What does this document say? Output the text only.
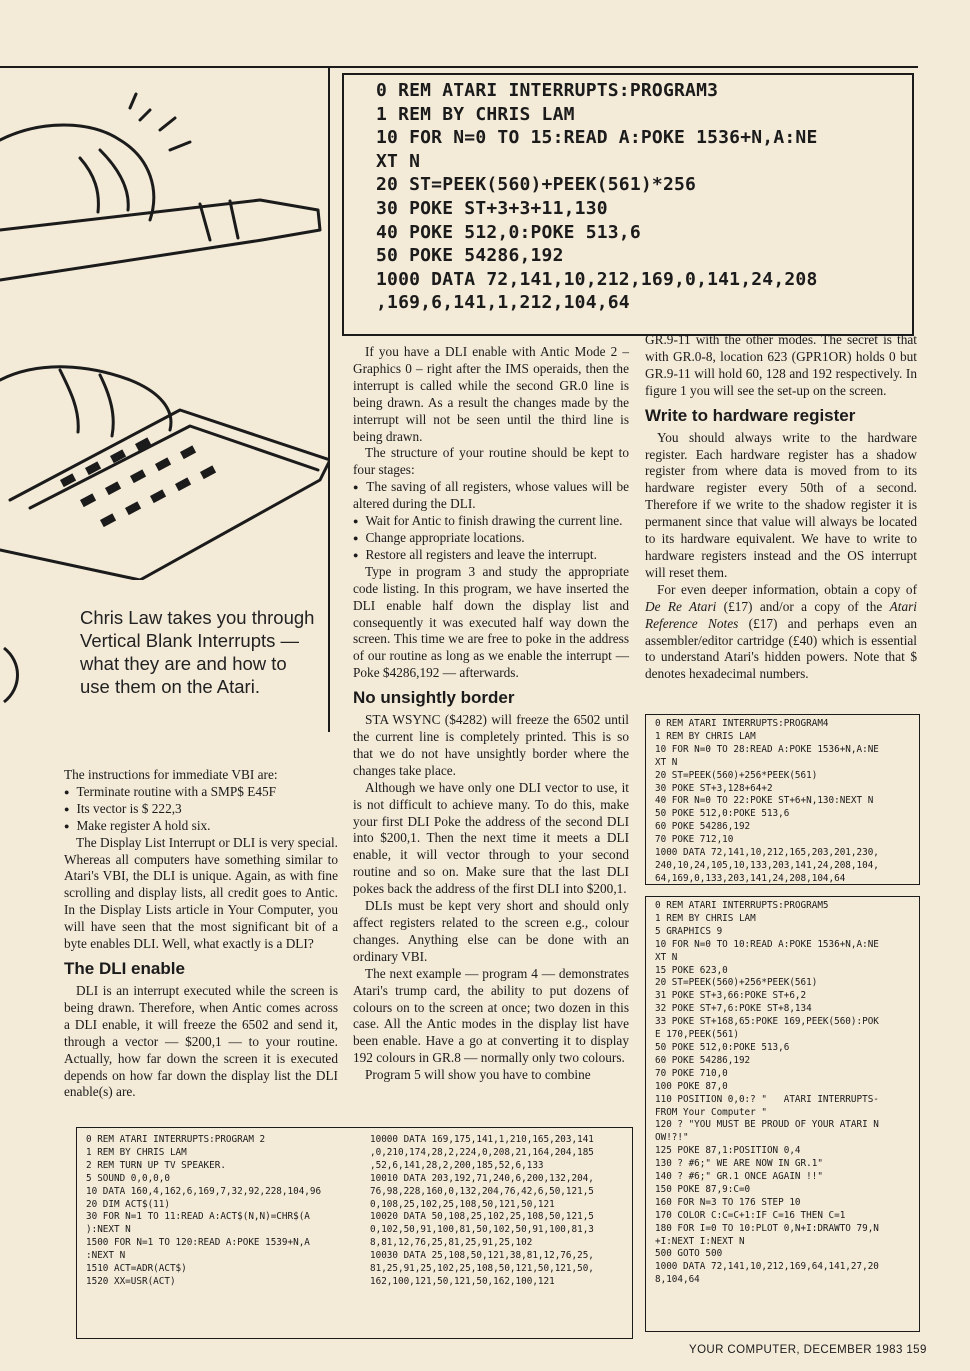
Chris Law takes you through Vertical Blank Interrupts — what they are and how to use them on the Atari.
0 REM ATARI INTERRUPTS:PROGRAM3
1 REM BY CHRIS LAM
10 FOR N=0 TO 15:READ A:POKE 1536+N,A:NE
XT N
20 ST=PEEK(560)+PEEK(561)*256
30 POKE ST+3+3+11,130
40 POKE 512,0:POKE 513,6
50 POKE 54286,192
1000 DATA 72,141,10,212,169,0,141,24,208
,169,6,141,1,212,104,64

The instructions for immediate VBI are:

● Terminate routine with a SMP$ E45F

● Its vector is $ 222,3

● Make register A hold six.

The Display List Interrupt or DLI is very special. Whereas all computers have something similar to Atari's VBI, the DLI is unique. Again, as with fine scrolling and display lists, all credit goes to Antic. In the Display Lists article in Your Computer, you will have seen that the most significant bit of a byte enables DLI. Well, what exactly is a DLI?

The DLI enable

DLI is an interrupt executed while the screen is being drawn. Therefore, when Antic comes across a DLI enable, it will freeze the 6502 and send it, through a vector — $200,1 — to your routine. Actually, how far down the screen it is executed depends on how far down the display list the DLI enable(s) are.

If you have a DLI enable with Antic Mode 2 – Graphics 0 – right after the IMS operaids, then the interrupt is called while the second GR.0 line is being drawn. As a result the changes made by the interrupt will not be seen until the third line is being drawn.

The structure of your routine should be kept to four stages:

● The saving of all registers, whose values will be altered during the DLI.

● Wait for Antic to finish drawing the current line.

● Change appropriate locations.

● Restore all registers and leave the interrupt.

Type in program 3 and study the appropriate code listing. In this program, we have inserted the DLI enable half down the display list and consequently it was executed half way down the screen. This time we are free to poke in the address of our routine as long as we enable the interrupt — Poke $4286,192 — afterwards.

No unsightly border

STA WSYNC ($4282) will freeze the 6502 until the current line is completely printed. This is so that we do not have unsightly border where the changes take place.

Although we have only one DLI vector to use, it is not difficult to achieve many. To do this, make your first DLI Poke the address of the second DLI into $200,1. Then the next time it meets a DLI enable, it will vector through to your second routine and so on. Make sure that the last DLI pokes back the address of the first DLI into $200,1.

DLIs must be kept very short and should only affect registers related to the screen e.g., colour changes. Anything else can be done with an ordinary VBI.

The next example — program 4 — demonstrates Atari's trump card, the ability to put dozens of colours on to the screen at once; two dozen in this case. All the Antic modes in the display list have been enable. Have a go at converting it to display 192 colours in GR.8 — normally only two colours.

Program 5 will show you have to combine

GR.9-11 with the other modes. The secret is that with GR.0-8, location 623 (GPR1OR) holds 0 but GR.9-11 will hold 60, 128 and 192 respectively. In figure 1 you will see the set-up on the screen.

Write to hardware register

You should always write to the hardware register. Each hardware register has a shadow register from where data is moved from to its hardware register every 50th of a second. Therefore if we write to the shadow register it is permanent since that value will always be located to its hardware equivalent. We have to write to hardware registers instead and the OS interrupt will reset them.

For even deeper information, obtain a copy of De Re Atari (£17) and/or a copy of the Atari Reference Notes (£17) and perhaps even an assembler/editor cartridge (£40) which is essential to understand Atari's hidden powers. Note that $ denotes hexadecimal numbers.

0 REM ATARI INTERRUPTS:PROGRAM4
1 REM BY CHRIS LAM
10 FOR N=0 TO 28:READ A:POKE 1536+N,A:NE
XT N
20 ST=PEEK(560)+256*PEEK(561)
30 POKE ST+3,128+64+2
40 FOR N=0 TO 22:POKE ST+6+N,130:NEXT N
50 POKE 512,0:POKE 513,6
60 POKE 54286,192
70 POKE 712,10
1000 DATA 72,141,10,212,165,203,201,230,
240,10,24,105,10,133,203,141,24,208,104,
64,169,0,133,203,141,24,208,104,64
0 REM ATARI INTERRUPTS:PROGRAM5
1 REM BY CHRIS LAM
5 GRAPHICS 9
10 FOR N=0 TO 10:READ A:POKE 1536+N,A:NE
XT N
15 POKE 623,0
20 ST=PEEK(560)+256*PEEK(561)
31 POKE ST+3,66:POKE ST+6,2
32 POKE ST+7,6:POKE ST+8,134
33 POKE ST+168,65:POKE 169,PEEK(560):POK
E 170,PEEK(561)
50 POKE 512,0:POKE 513,6
60 POKE 54286,192
70 POKE 710,0
100 POKE 87,0
110 POSITION 0,0:? "   ATARI INTERRUPTS-
FROM Your Computer "
120 ? "YOU MUST BE PROUD OF YOUR ATARI N
OW!?!"
125 POKE 87,1:POSITION 0,4
130 ? #6;" WE ARE NOW IN GR.1"
140 ? #6;" GR.1 ONCE AGAIN !!"
150 POKE 87,9:C=0
160 FOR N=3 TO 176 STEP 10
170 COLOR C:C=C+1:IF C=16 THEN C=1
180 FOR I=0 TO 10:PLOT 0,N+I:DRAWTO 79,N
+I:NEXT I:NEXT N
500 GOTO 500
1000 DATA 72,141,10,212,169,64,141,27,20
8,104,64

0 REM ATARI INTERRUPTS:PROGRAM 2
1 REM BY CHRIS LAM
2 REM TURN UP TV SPEAKER.
5 SOUND 0,0,0,0
10 DATA 160,4,162,6,169,7,32,92,228,104,96
20 DIM ACT$(11)
30 FOR N=1 TO 11:READ A:ACT$(N,N)=CHR$(A
):NEXT N
1500 FOR N=1 TO 120:READ A:POKE 1539+N,A
:NEXT N
1510 ACT=ADR(ACT$)
1520 XX=USR(ACT)

10000 DATA 169,175,141,1,210,165,203,141
,0,210,174,28,2,224,0,208,21,164,204,185
,52,6,141,28,2,200,185,52,6,133
10010 DATA 203,192,71,240,6,200,132,204,
76,98,228,160,0,132,204,76,42,6,50,121,5
0,108,25,102,25,108,50,121,50,121
10020 DATA 50,108,25,102,25,108,50,121,5
0,102,50,91,100,81,50,102,50,91,100,81,3
8,81,12,76,25,81,25,91,25,102
10030 DATA 25,108,50,121,38,81,12,76,25,
81,25,91,25,102,25,108,50,121,50,121,50,
162,100,121,50,121,50,162,100,121

YOUR COMPUTER, DECEMBER 1983 159
